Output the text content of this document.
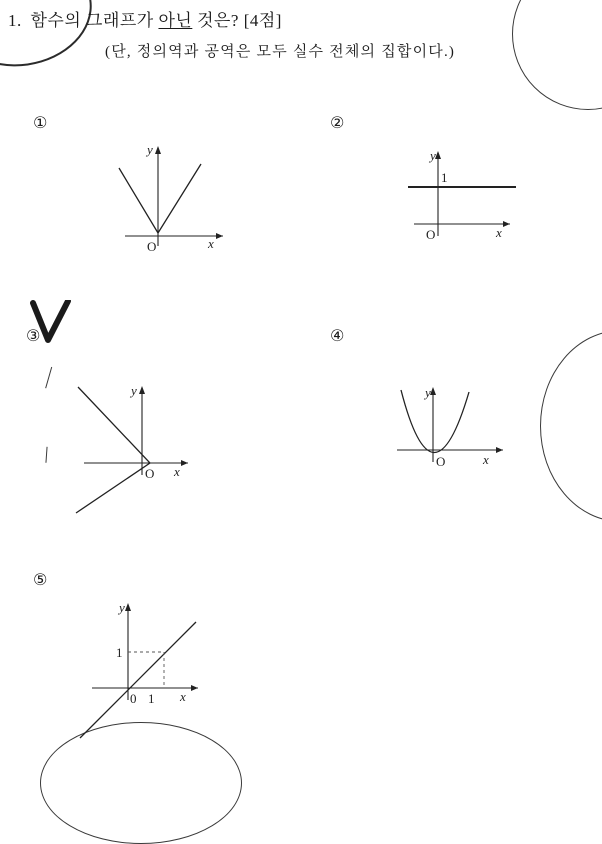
1. 함수의 그래프가 아닌 것은? [4점]
(단, 정의역과 공역은 모두 실수 전체의 집합이다.)
①
O	x
y
②
1
O	x
y
③
O x
y
④
O	x
y
⑤
1
0 1 x
y
